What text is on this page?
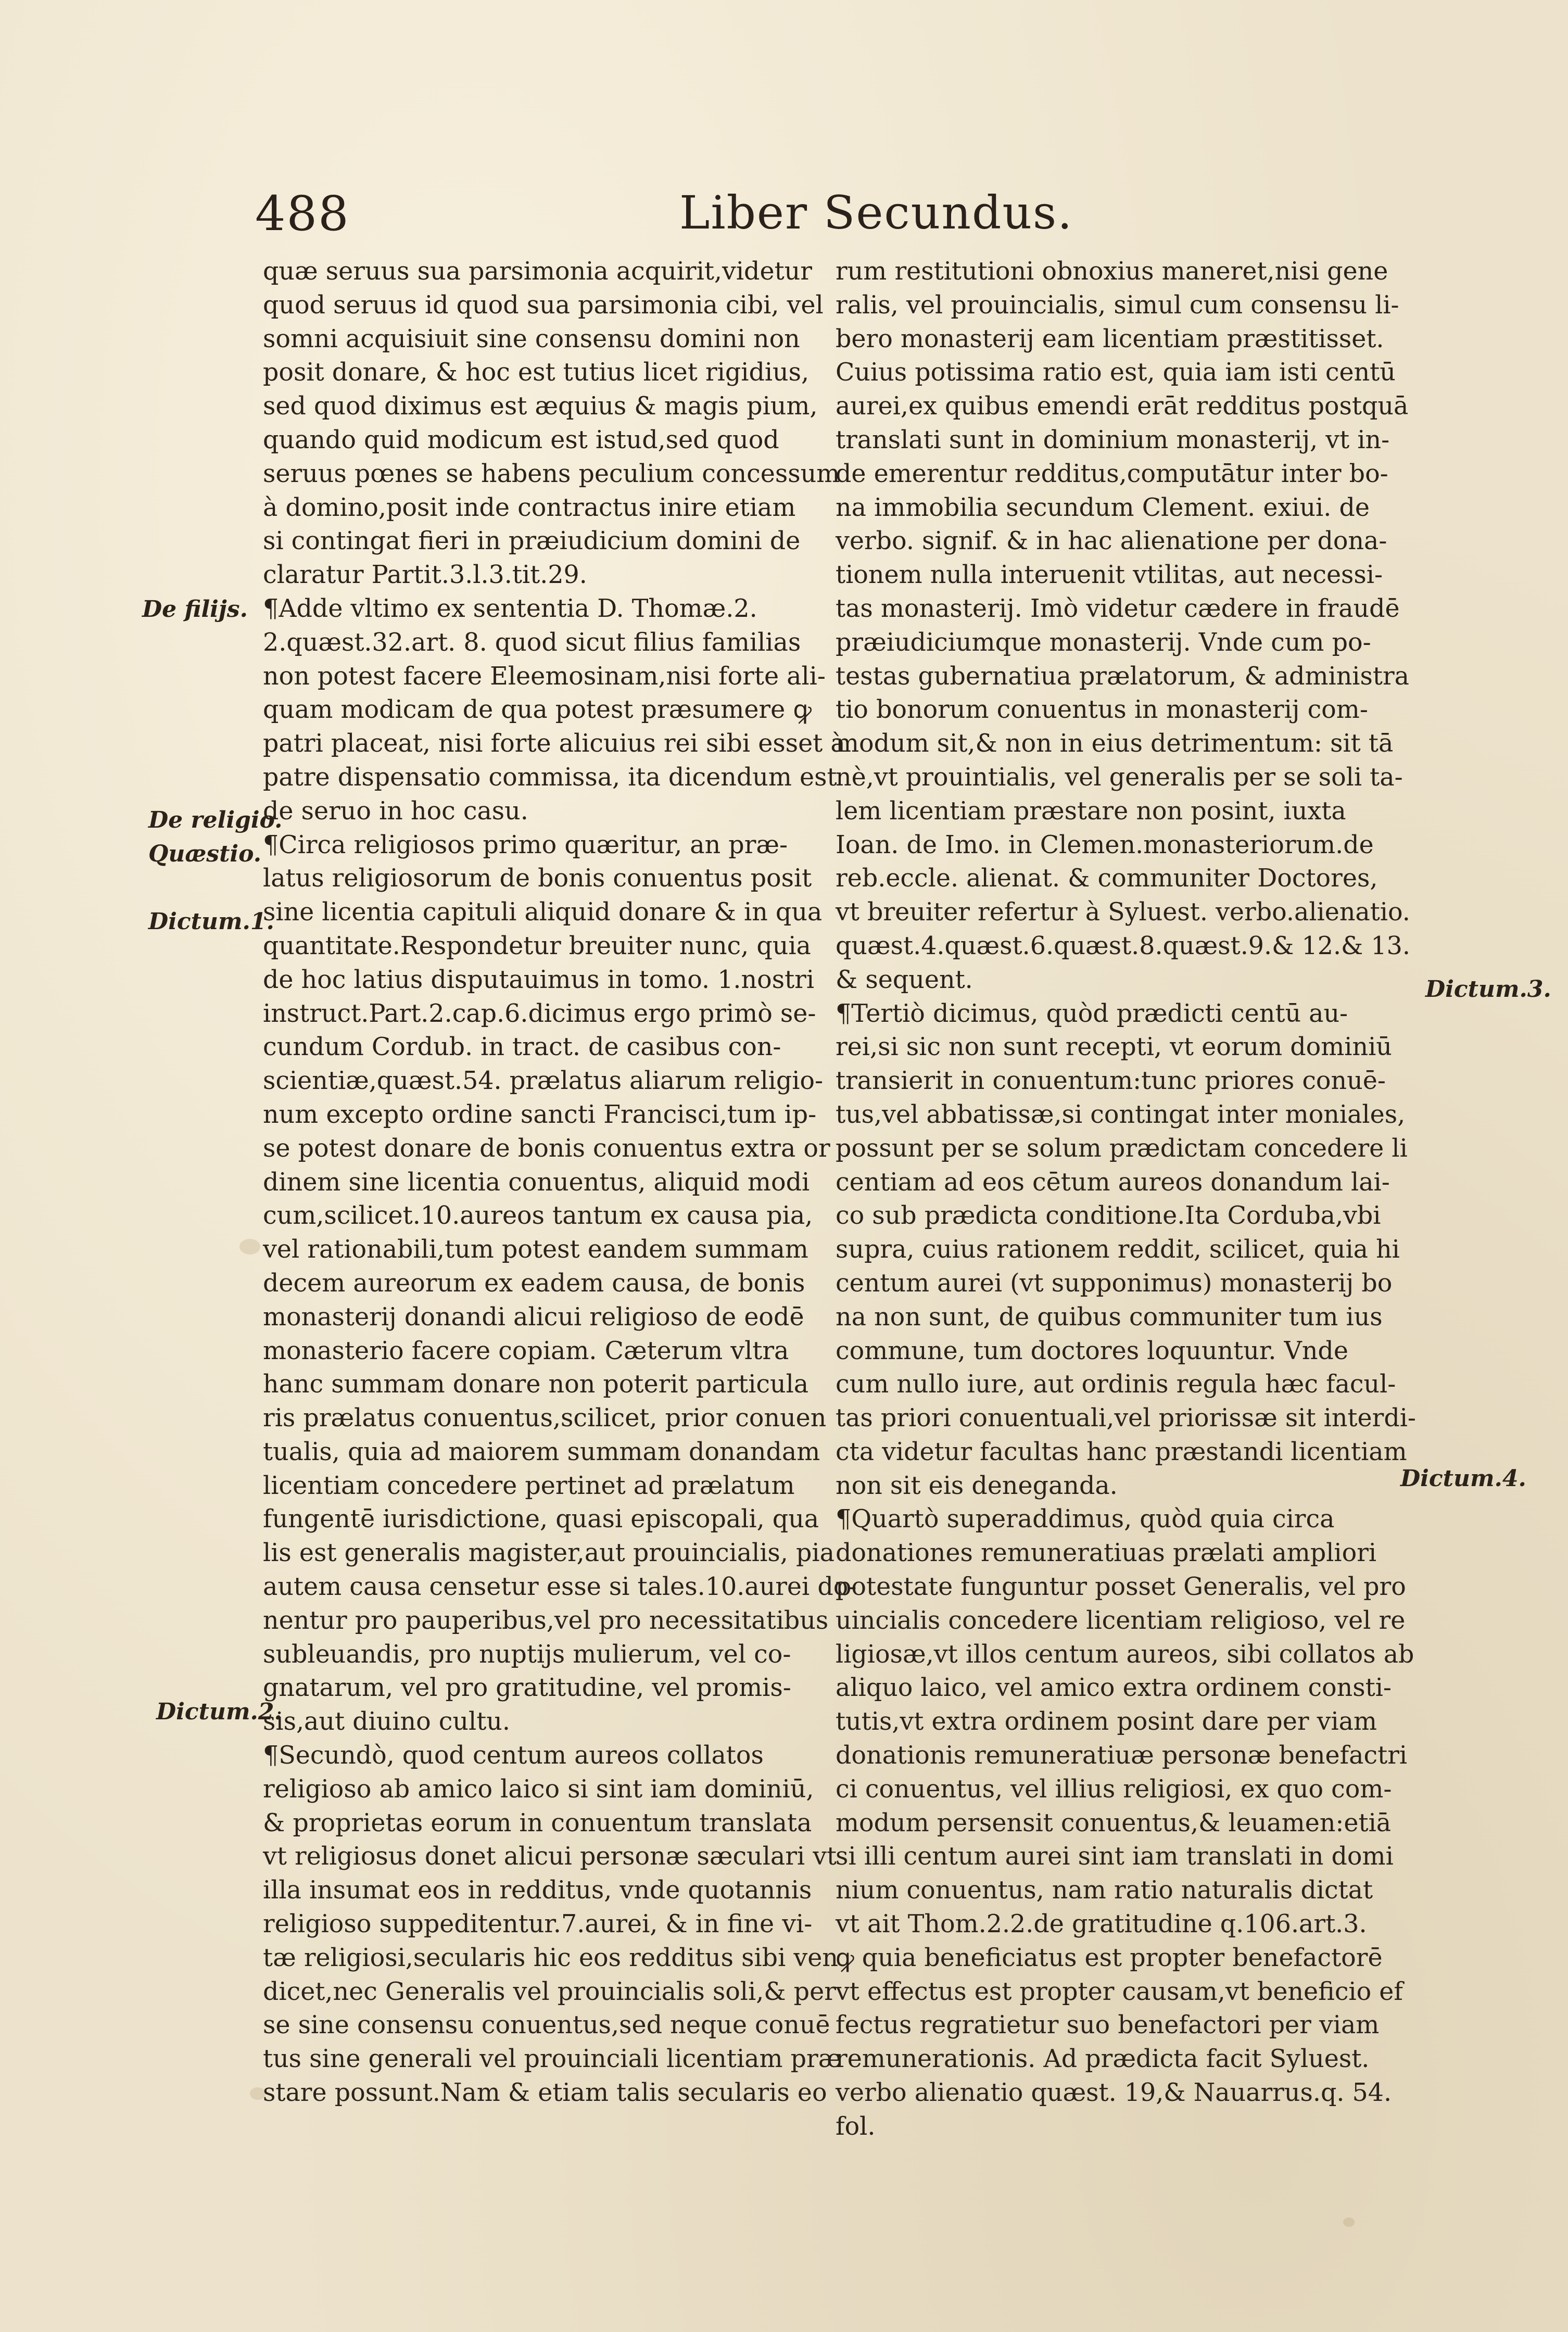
488	Liber Secundus.
De filijs.
De religio.
Quæstio.
Dictum.1.
Dictum.2.
Dictum.3.
Dictum.4.
quæ seruus sua parsimonia acquirit,videtur
quod seruus id quod sua parsimonia cibi, vel
somni acquisiuit sine consensu domini non
posit donare, & hoc est tutius licet rigidius,
sed quod diximus est æquius & magis pium,
quando quid modicum est istud,sed quod
seruus pœnes se habens peculium concessum
à domino,posit inde contractus inire etiam
si contingat fieri in præiudicium domini de
claratur Partit.3.l.3.tit.29.
¶Adde vltimo ex sententia D. Thomæ.2.
2.quæst.32.art. 8. quod sicut filius familias
non potest facere Eleemosinam,nisi forte ali-
quam modicam de qua potest præsumere ꝙ
patri placeat, nisi forte alicuius rei sibi esset à
patre dispensatio commissa, ita dicendum est
de seruo in hoc casu.
¶Circa religiosos primo quæritur, an præ-
latus religiosorum de bonis conuentus posit
sine licentia capituli aliquid donare & in qua
quantitate.Respondetur breuiter nunc, quia
de hoc latius disputauimus in tomo. 1.nostri
instruct.Part.2.cap.6.dicimus ergo primò se-
cundum Cordub. in tract. de casibus con-
scientiæ,quæst.54. prælatus aliarum religio-
num excepto ordine sancti Francisci,tum ip-
se potest donare de bonis conuentus extra or
dinem sine licentia conuentus, aliquid modi
cum,scilicet.10.aureos tantum ex causa pia,
vel rationabili,tum potest eandem summam
decem aureorum ex eadem causa, de bonis
monasterij donandi alicui religioso de eodē
monasterio facere copiam. Cæterum vltra
hanc summam donare non poterit particula
ris prælatus conuentus,scilicet, prior conuen
tualis, quia ad maiorem summam donandam
licentiam concedere pertinet ad prælatum
fungentē iurisdictione, quasi episcopali, qua
lis est generalis magister,aut prouincialis, pia
autem causa censetur esse si tales.10.aurei do-
nentur pro pauperibus,vel pro necessitatibus
subleuandis, pro nuptijs mulierum, vel co-
gnatarum, vel pro gratitudine, vel promis-
sis,aut diuino cultu.
¶Secundò, quod centum aureos collatos
religioso ab amico laico si sint iam dominiū,
& proprietas eorum in conuentum translata
vt religiosus donet alicui personæ sæculari vt
illa insumat eos in redditus, vnde quotannis
religioso suppeditentur.7.aurei, & in fine vi-
tæ religiosi,secularis hic eos redditus sibi ven
dicet,nec Generalis vel prouincialis soli,& per
se sine consensu conuentus,sed neque conuē
tus sine generali vel prouinciali licentiam præ
stare possunt.Nam & etiam talis secularis eo
rum restitutioni obnoxius maneret,nisi gene
ralis, vel prouincialis, simul cum consensu li-
bero monasterij eam licentiam præstitisset.
Cuius potissima ratio est, quia iam isti centū
aurei,ex quibus emendi erāt redditus postquā
translati sunt in dominium monasterij, vt in-
de emerentur redditus,computātur inter bo-
na immobilia secundum Clement. exiui. de
verbo. signif. & in hac alienatione per dona-
tionem nulla interuenit vtilitas, aut necessi-
tas monasterij. Imò videtur cædere in fraudē
præiudiciumque monasterij. Vnde cum po-
testas gubernatiua prælatorum, & administra
tio bonorum conuentus in monasterij com-
modum sit,& non in eius detrimentum: sit tā
nè,vt prouintialis, vel generalis per se soli ta-
lem licentiam præstare non posint, iuxta
Ioan. de Imo. in Clemen.monasteriorum.de
reb.eccle. alienat. & communiter Doctores,
vt breuiter refertur à Syluest. verbo.alienatio.
quæst.4.quæst.6.quæst.8.quæst.9.& 12.& 13.
& sequent.
¶Tertiò dicimus, quòd prædicti centū au-
rei,si sic non sunt recepti, vt eorum dominiū
transierit in conuentum:tunc priores conuē-
tus,vel abbatissæ,si contingat inter moniales,
possunt per se solum prædictam concedere li
centiam ad eos cētum aureos donandum lai-
co sub prædicta conditione.Ita Corduba,vbi
supra, cuius rationem reddit, scilicet, quia hi
centum aurei (vt supponimus) monasterij bo
na non sunt, de quibus communiter tum ius
commune, tum doctores loquuntur. Vnde
cum nullo iure, aut ordinis regula hæc facul-
tas priori conuentuali,vel priorissæ sit interdi-
cta videtur facultas hanc præstandi licentiam
non sit eis deneganda.
¶Quartò superaddimus, quòd quia circa
donationes remuneratiuas prælati ampliori
potestate funguntur posset Generalis, vel pro
uincialis concedere licentiam religioso, vel re
ligiosæ,vt illos centum aureos, sibi collatos ab
aliquo laico, vel amico extra ordinem consti-
tutis,vt extra ordinem posint dare per viam
donationis remuneratiuæ personæ benefactri
ci conuentus, vel illius religiosi, ex quo com-
modum persensit conuentus,& leuamen:etiā
si illi centum aurei sint iam translati in domi
nium conuentus, nam ratio naturalis dictat
vt ait Thom.2.2.de gratitudine q.106.art.3.
ꝙ quia beneficiatus est propter benefactorē
vt effectus est propter causam,vt beneficio ef
fectus regratietur suo benefactori per viam
remunerationis. Ad prædicta facit Syluest.
verbo alienatio quæst. 19,& Nauarrus.q. 54.
fol.
